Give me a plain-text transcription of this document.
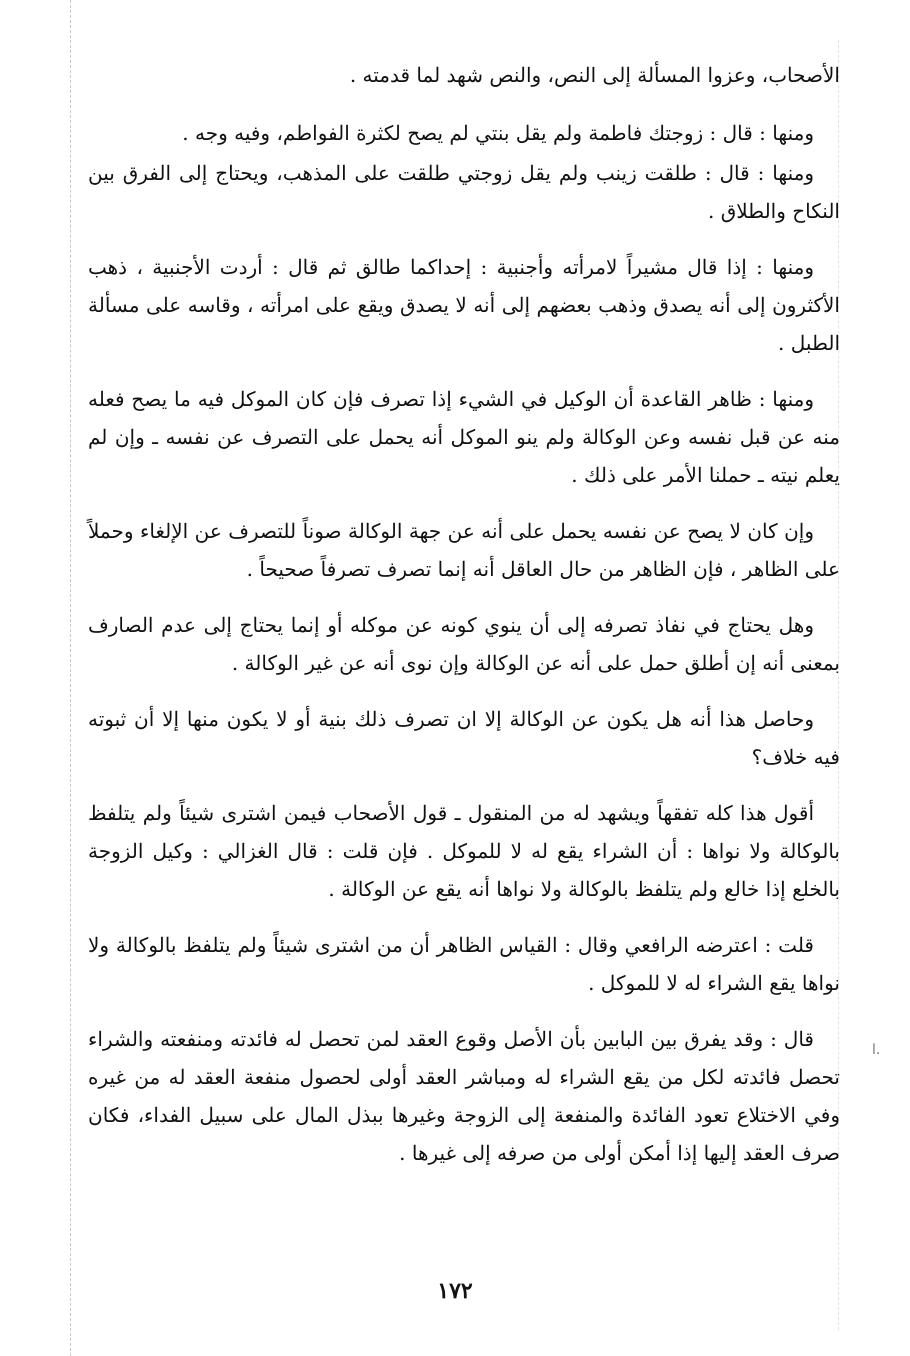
ا.

الأصحاب، وعزوا المسألة إلى النص، والنص شهد لما قدمته .

ومنها : قال : زوجتك فاطمة ولم يقل بنتي لم يصح لكثرة الفواطم، وفيه وجه .

ومنها : قال : طلقت زينب ولم يقل زوجتي طلقت على المذهب، ويحتاج إلى الفرق بين النكاح والطلاق .

ومنها : إذا قال مشيراً لامرأته وأجنبية : إحداكما طالق ثم قال : أردت الأجنبية ، ذهب الأكثرون إلى أنه يصدق وذهب بعضهم إلى أنه لا يصدق ويقع على امرأته ، وقاسه على مسألة الطبل .

ومنها : ظاهر القاعدة أن الوكيل في الشيء إذا تصرف فإن كان الموكل فيه ما يصح فعله منه عن قبل نفسه وعن الوكالة ولم ينو الموكل أنه يحمل على التصرف عن نفسه ـ وإن لم يعلم نيته ـ حملنا الأمر على ذلك .

وإن كان لا يصح عن نفسه يحمل على أنه عن جهة الوكالة صوناً للتصرف عن الإلغاء وحملاً على الظاهر ، فإن الظاهر من حال العاقل أنه إنما تصرف تصرفاً صحيحاً .

وهل يحتاج في نفاذ تصرفه إلى أن ينوي كونه عن موكله أو إنما يحتاج إلى عدم الصارف بمعنى أنه إن أطلق حمل على أنه عن الوكالة وإن نوى أنه عن غير الوكالة .

وحاصل هذا أنه هل يكون عن الوكالة إلا ان تصرف ذلك بنية أو لا يكون منها إلا أن ثبوته فيه خلاف؟

أقول هذا كله تفقهاً ويشهد له من المنقول ـ قول الأصحاب فيمن اشترى شيئاً ولم يتلفظ بالوكالة ولا نواها : أن الشراء يقع له لا للموكل . فإن قلت : قال الغزالي : وكيل الزوجة بالخلع إذا خالع ولم يتلفظ بالوكالة ولا نواها أنه يقع عن الوكالة .

قلت : اعترضه الرافعي وقال : القياس الظاهر أن من اشترى شيئاً ولم يتلفظ بالوكالة ولا نواها يقع الشراء له لا للموكل .

قال : وقد يفرق بين البابين بأن الأصل وقوع العقد لمن تحصل له فائدته ومنفعته والشراء تحصل فائدته لكل من يقع الشراء له ومباشر العقد أولى لحصول منفعة العقد له من غيره وفي الاختلاع تعود الفائدة والمنفعة إلى الزوجة وغيرها ببذل المال على سبيل الفداء، فكان صرف العقد إليها إذا أمكن أولى من صرفه إلى غيرها .

١٧٢
